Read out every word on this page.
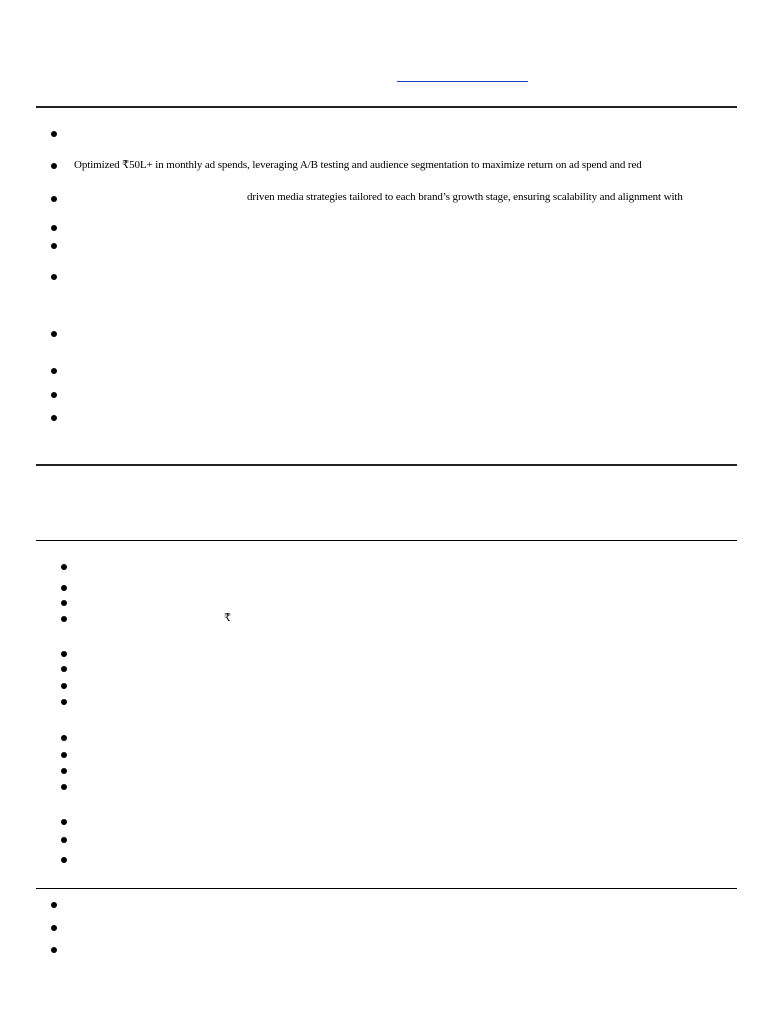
Optimized ₹50L+ in monthly ad spends, leveraging A/B testing and audience segmentation to maximize return on ad spend and red
driven media strategies tailored to each brand’s growth stage, ensuring scalability and alignment with
₹
